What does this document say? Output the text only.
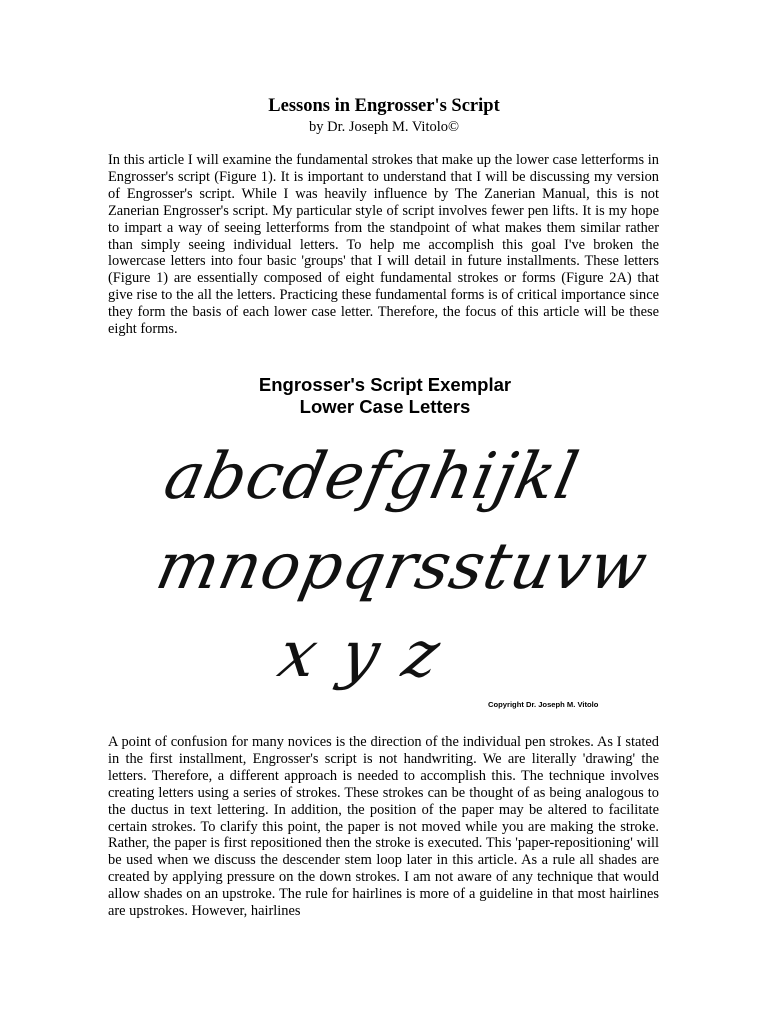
Lessons in Engrosser's Script
by Dr. Joseph M. Vitolo©

In this article I will examine the fundamental strokes that make up the lower case letterforms in Engrosser's script (Figure 1). It is important to understand that I will be discussing my version of Engrosser's script. While I was heavily influence by The Zanerian Manual, this is not Zanerian Engrosser's script. My particular style of script involves fewer pen lifts. It is my hope to impart a way of seeing letterforms from the standpoint of what makes them similar rather than simply seeing individual letters. To help me accomplish this goal I've broken the lowercase letters into four basic 'groups' that I will detail in future installments. These letters (Figure 1) are essentially composed of eight fundamental strokes or forms (Figure 2A) that give rise to the all the letters. Practicing these fundamental forms is of critical importance since they form the basis of each lower case letter. Therefore, the focus of this article will be these eight forms.

Engrosser's Script Exemplar
Lower Case Letters
abcdefghijkl
mnopqrsstuvw
xyz
Copyright Dr. Joseph M. Vitolo

A point of confusion for many novices is the direction of the individual pen strokes. As I stated in the first installment, Engrosser's script is not handwriting. We are literally 'drawing' the letters. Therefore, a different approach is needed to accomplish this. The technique involves creating letters using a series of strokes. These strokes can be thought of as being analogous to the ductus in text lettering. In addition, the position of the paper may be altered to facilitate certain strokes. To clarify this point, the paper is not moved while you are making the stroke. Rather, the paper is first repositioned then the stroke is executed. This 'paper-repositioning' will be used when we discuss the descender stem loop later in this article. As a rule all shades are created by applying pressure on the down strokes. I am not aware of any technique that would allow shades on an upstroke. The rule for hairlines is more of a guideline in that most hairlines are upstrokes. However, hairlines
